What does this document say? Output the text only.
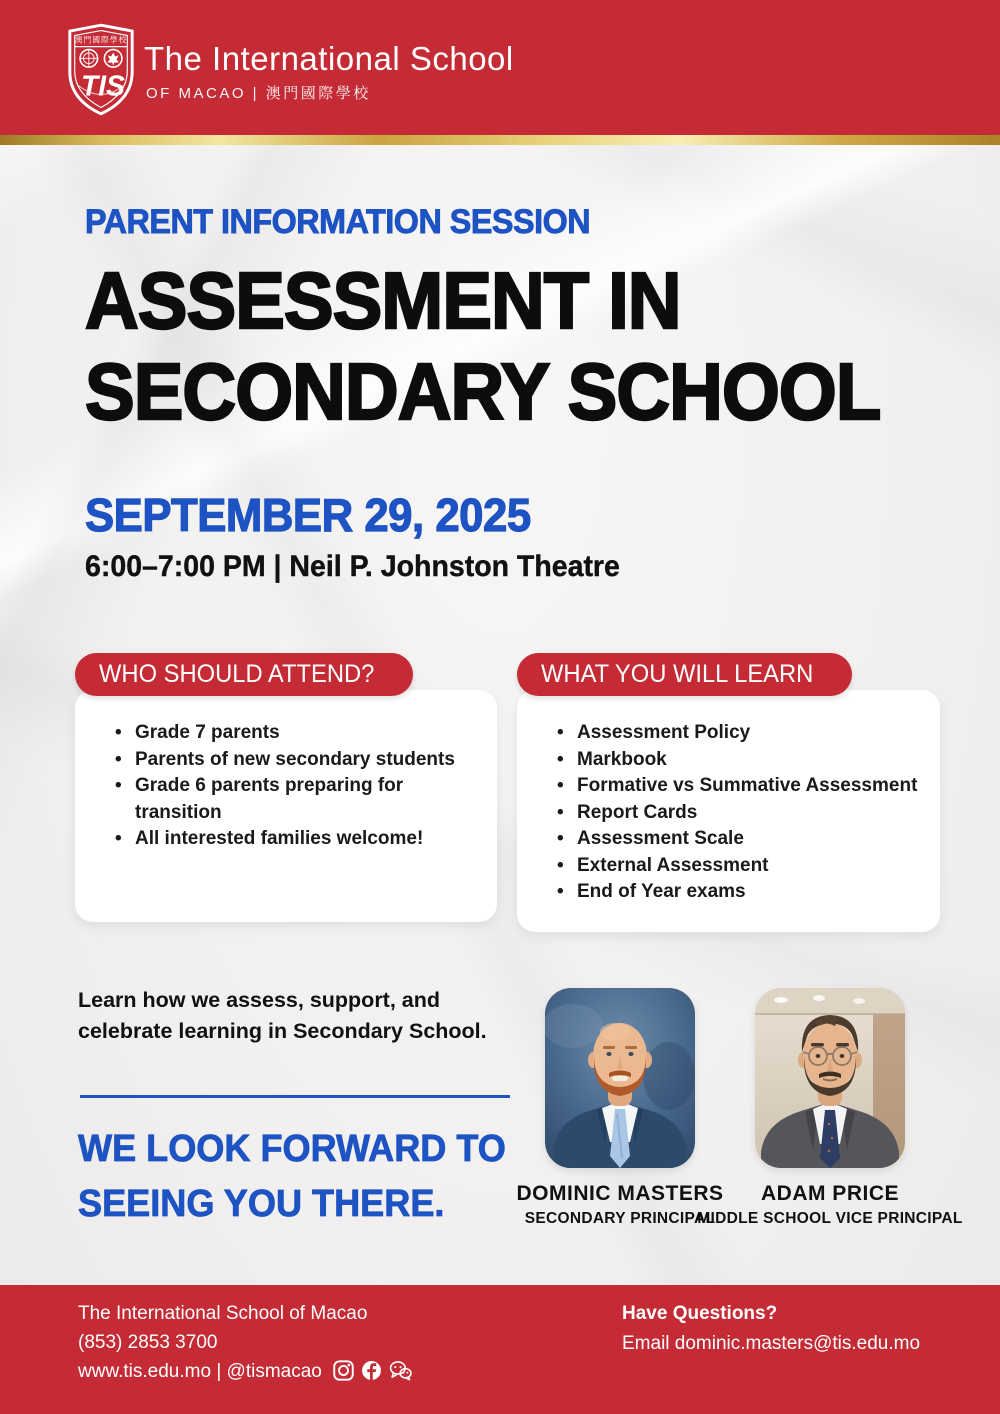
澳門國際學校
TIS
The International School
OF MACAO | 澳門國際學校
PARENT INFORMATION SESSION
ASSESSMENT IN
SECONDARY SCHOOL
SEPTEMBER 29, 2025
6:00–7:00 PM | Neil P. Johnston Theatre
WHO SHOULD ATTEND?
• Grade 7 parents
• Parents of new secondary students
• Grade 6 parents preparing for transition
• All interested families welcome!
WHAT YOU WILL LEARN
• Assessment Policy
• Markbook
• Formative vs Summative Assessment
• Report Cards
• Assessment Scale
• External Assessment
• End of Year exams
Learn how we assess, support, and celebrate learning in Secondary School.
WE LOOK FORWARD TO
SEEING YOU THERE.	DOMINIC MASTERS
SECONDARY PRINCIPAL
ADAM PRICE
MIDDLE SCHOOL VICE PRINCIPAL
The International School of Macao
(853) 2853 3700
www.tis.edu.mo | @tismacao
Have Questions?
Email dominic.masters@tis.edu.mo
